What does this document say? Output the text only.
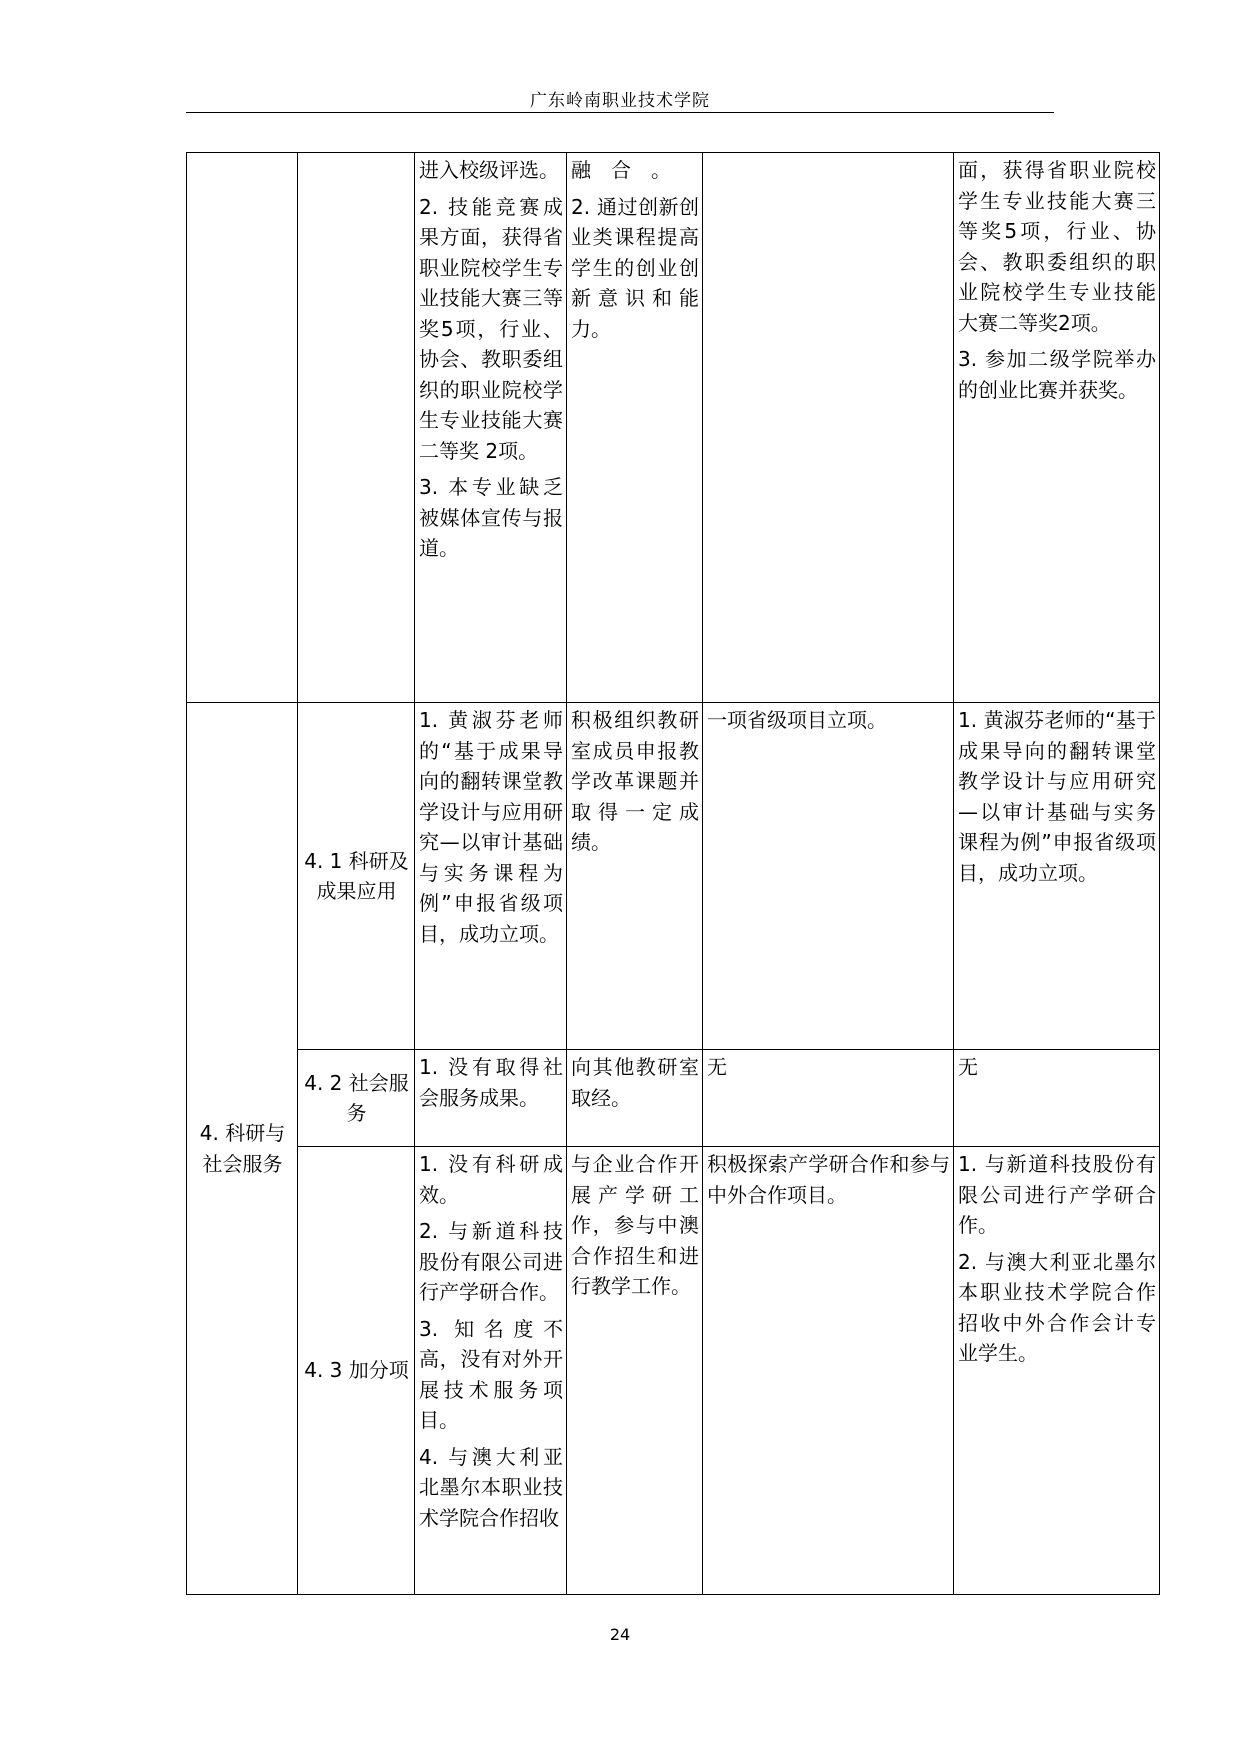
广东岭南职业技术学院

		进入校级评选。
2. 技能竞赛成果方面，获得省职业院校学生专业技能大赛三等奖5项，行业、协会、教职委组织的职业院校学生专业技能大赛二等奖 2项。
3. 本专业缺乏被媒体宣传与报道。	融　合　。
2. 通过创新创业类课程提高学生的创业创新意识和能力。		面，获得省职业院校学生专业技能大赛三等奖5项，行业、协会、教职委组织的职业院校学生专业技能大赛二等奖2项。
3. 参加二级学院举办的创业比赛并获奖。

4. 科研与社会服务	4. 1 科研及成果应用	1. 黄淑芬老师的“基于成果导向的翻转课堂教学设计与应用研究—以审计基础与实务课程为例”申报省级项目，成功立项。	积极组织教研室成员申报教学改革课题并取得一定成绩。	一项省级项目立项。	1. 黄淑芬老师的“基于成果导向的翻转课堂教学设计与应用研究—以审计基础与实务课程为例”申报省级项目，成功立项。

	4. 2 社会服务	1. 没有取得社会服务成果。	向其他教研室取经。	无	无

	4. 3 加分项	1. 没有科研成效。
2. 与新道科技股份有限公司进行产学研合作。
3. 知名度不高，没有对外开展技术服务项目。
4. 与澳大利亚北墨尔本职业技术学院合作招收	与企业合作开展产学研工作，参与中澳合作招生和进行教学工作。	积极探索产学研合作和参与中外合作项目。	1. 与新道科技股份有限公司进行产学研合作。
2. 与澳大利亚北墨尔本职业技术学院合作招收中外合作会计专业学生。
24
